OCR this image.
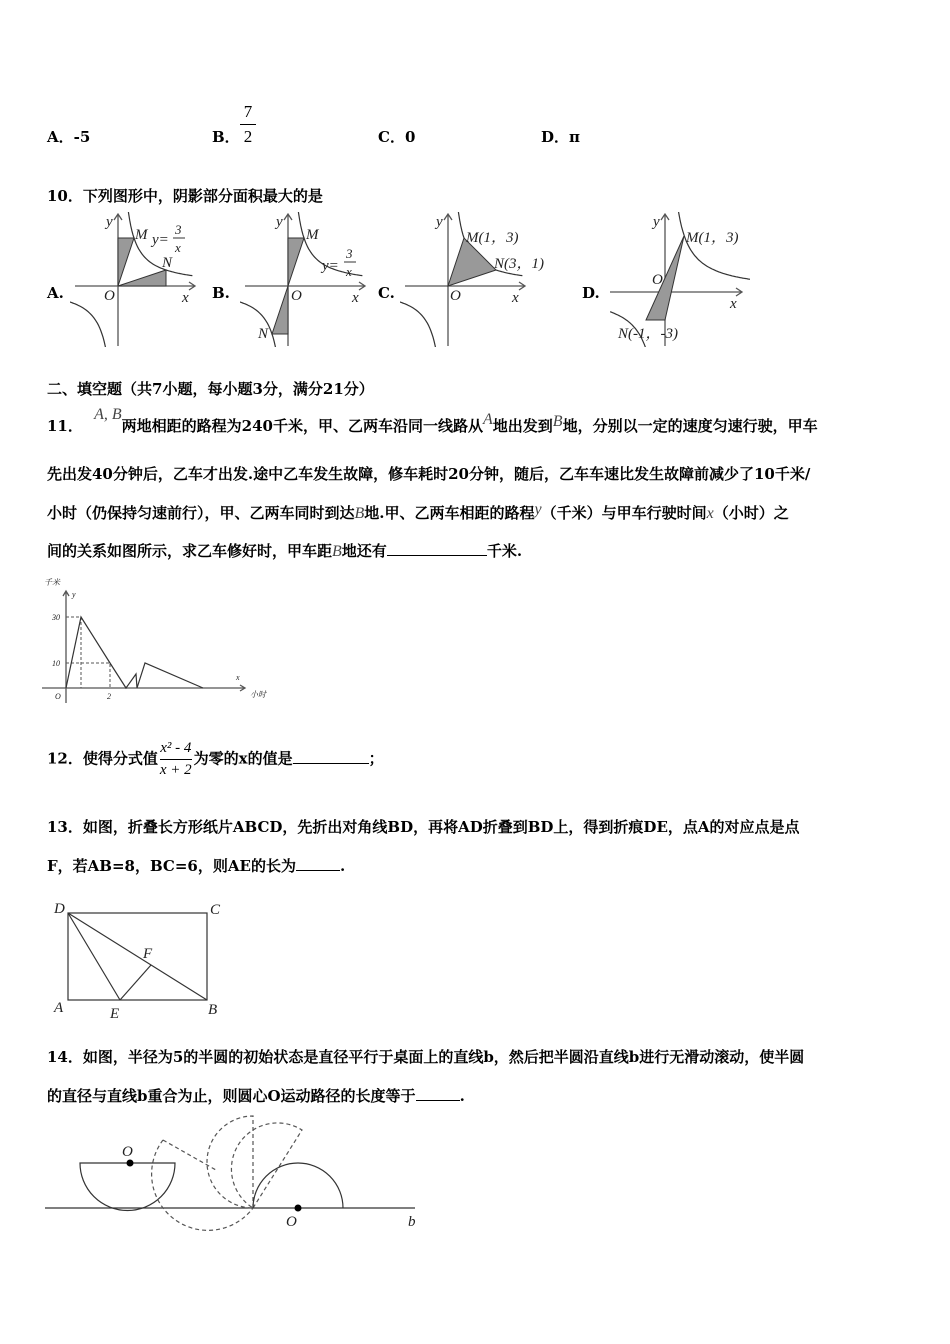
A．-5	B．
7
2	C．0	D．π
10．下列图形中，阴影部分面积最大的是
A.
y
x
O
M
N
y=
3
x
B.
y
x
O
M
N
y=
3
x
C.
y
x
O
M(1，3)
N(3，1)
D.
y
x
O
M(1，3)
N(-1，-3)
二、填空题（共7小题，每小题3分，满分21分）
11． A, B两地相距的路程为240千米，甲、乙两车沿同一线路从A地出发到B地，分别以一定的速度匀速行驶，甲车
先出发40分钟后，乙车才出发.途中乙车发生故障，修车耗时20分钟，随后，乙车车速比发生故障前减少了10千米/
小时（仍保持匀速前行），甲、乙两车同时到达B地.甲、乙两车相距的路程y（千米）与甲车行驶时间x（小时）之
间的关系如图所示，求乙车修好时，甲车距B地还有	千米.
千米
y
30
10
O	2
x
小时
12．使得分式值 $\frac{\text{x² - 4}}{x + 2}$ 为零的x的值是	；
13．如图，折叠长方形纸片ABCD，先折出对角线BD，再将AD折叠到BD上，得到折痕DE，点A的对应点是点
F，若AB=8，BC=6，则AE的长为	.
D	C
A	B
E
F
14．如图，半径为5的半圆的初始状态是直径平行于桌面上的直线b，然后把半圆沿直线b进行无滑动滚动，使半圆
的直径与直线b重合为止，则圆心O运动路径的长度等于	.
O
O	b
